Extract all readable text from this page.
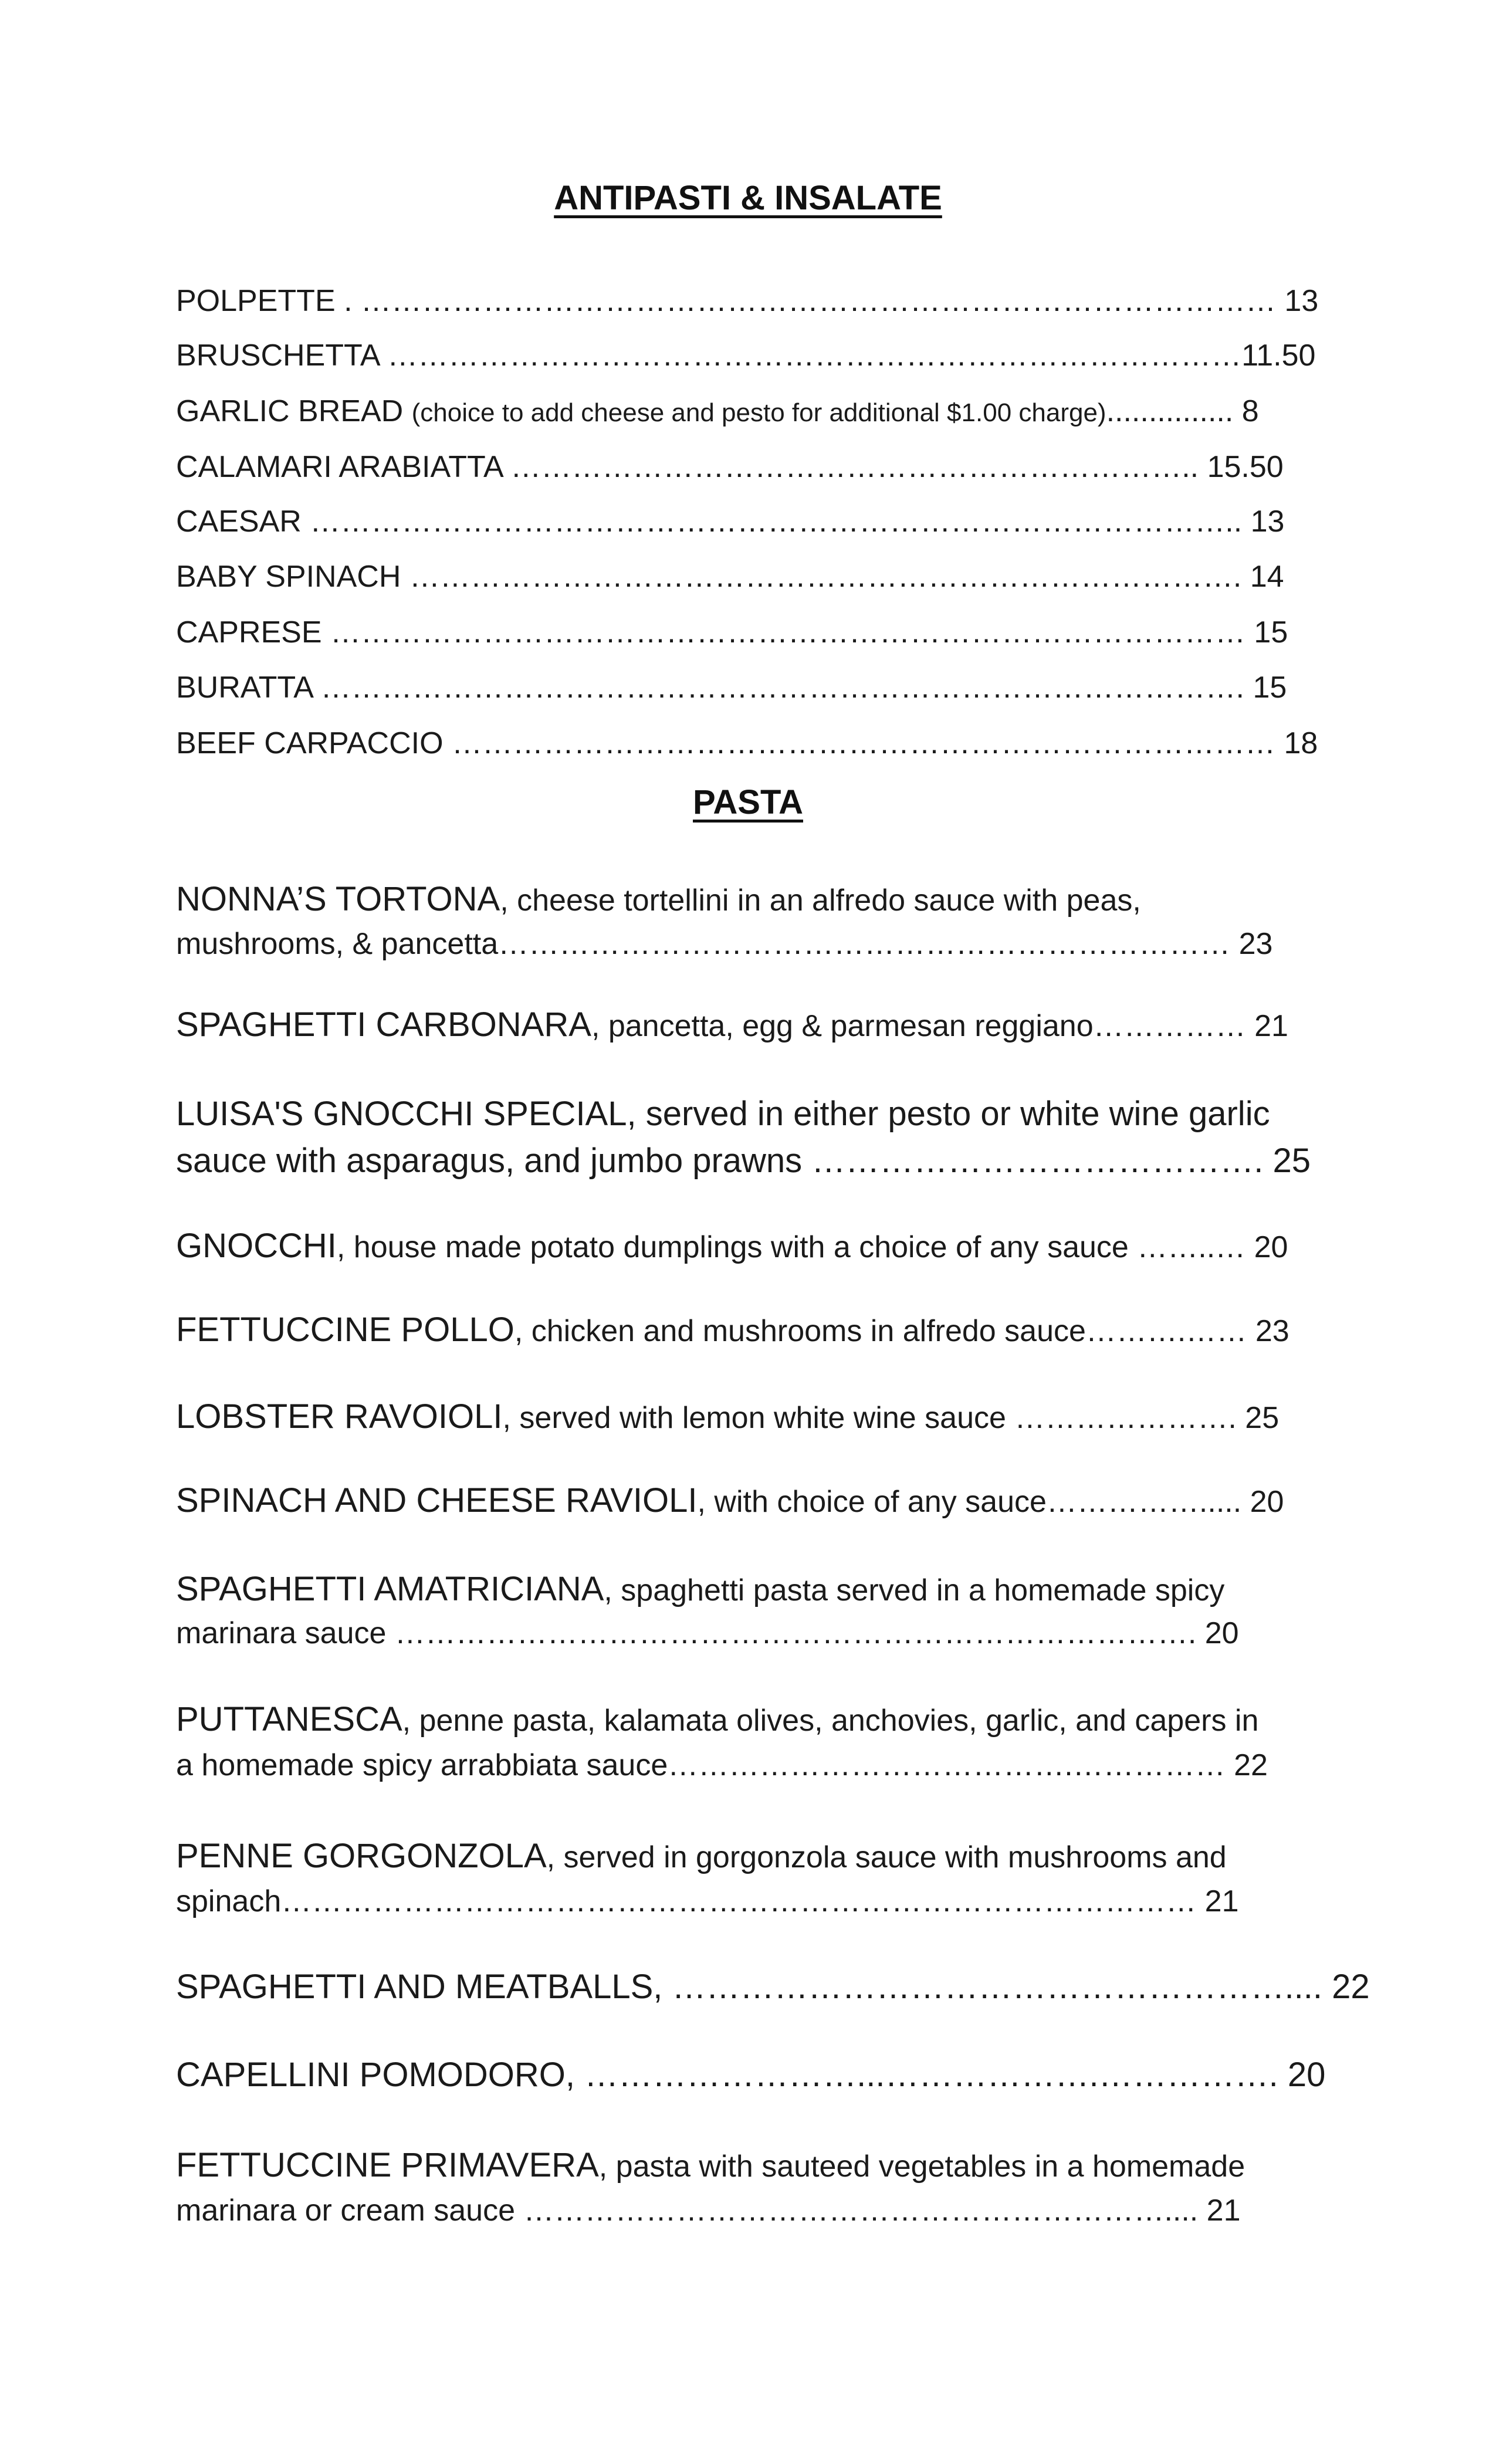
ANTIPASTI & INSALATE
POLPETTE . ……………………………………………………………………………… 13
BRUSCHETTA …………………………………………………………………………11.50
GARLIC BREAD (choice to add cheese and pesto for additional $1.00 charge)............... 8
CALAMARI ARABIATTA ………………………………………………………….. 15.50
CAESAR ……………………………………………………………………………….. 13
BABY SPINACH ………………………………………………………………………. 14
CAPRESE ……………………………………………………………………………… 15
BURATTA ………………………………………………………………………………. 15
BEEF CARPACCIO ……………………………………………………………………… 18
PASTA
NONNA’S TORTONA, cheese tortellini in an alfredo sauce with peas,
mushrooms, & pancetta……………………………………………………………… 23
SPAGHETTI CARBONARA, pancetta, egg & parmesan reggiano…………… 21
LUISA'S GNOCCHI SPECIAL, served in either pesto or white wine garlic
sauce with asparagus, and jumbo prawns …………………………………. 25
GNOCCHI, house made potato dumplings with a choice of any sauce ……..… 20
FETTUCCINE POLLO, chicken and mushrooms in alfredo sauce……….…… 23
LOBSTER RAVOIOLI, served with lemon white wine sauce …………………. 25
SPINACH AND CHEESE RAVIOLI, with choice of any sauce……………..... 20
SPAGHETTI AMATRICIANA, spaghetti pasta served in a homemade spicy
marinara sauce ……………………………………………………………………. 20
PUTTANESCA, penne pasta, kalamata olives, anchovies, garlic, and capers in
a homemade spicy arrabbiata sauce………………………………….…………… 22
PENNE GORGONZOLA, served in gorgonzola sauce with mushrooms and
spinach……………………………………………………………………………… 21
SPAGHETTI AND MEATBALLS, ……………………………………………….... 22
CAPELLINI POMODORO, ……………………...……………….……………. 20
FETTUCCINE PRIMAVERA, pasta with sauteed vegetables in a homemade
marinara or cream sauce ……………………………………………………….... 21
